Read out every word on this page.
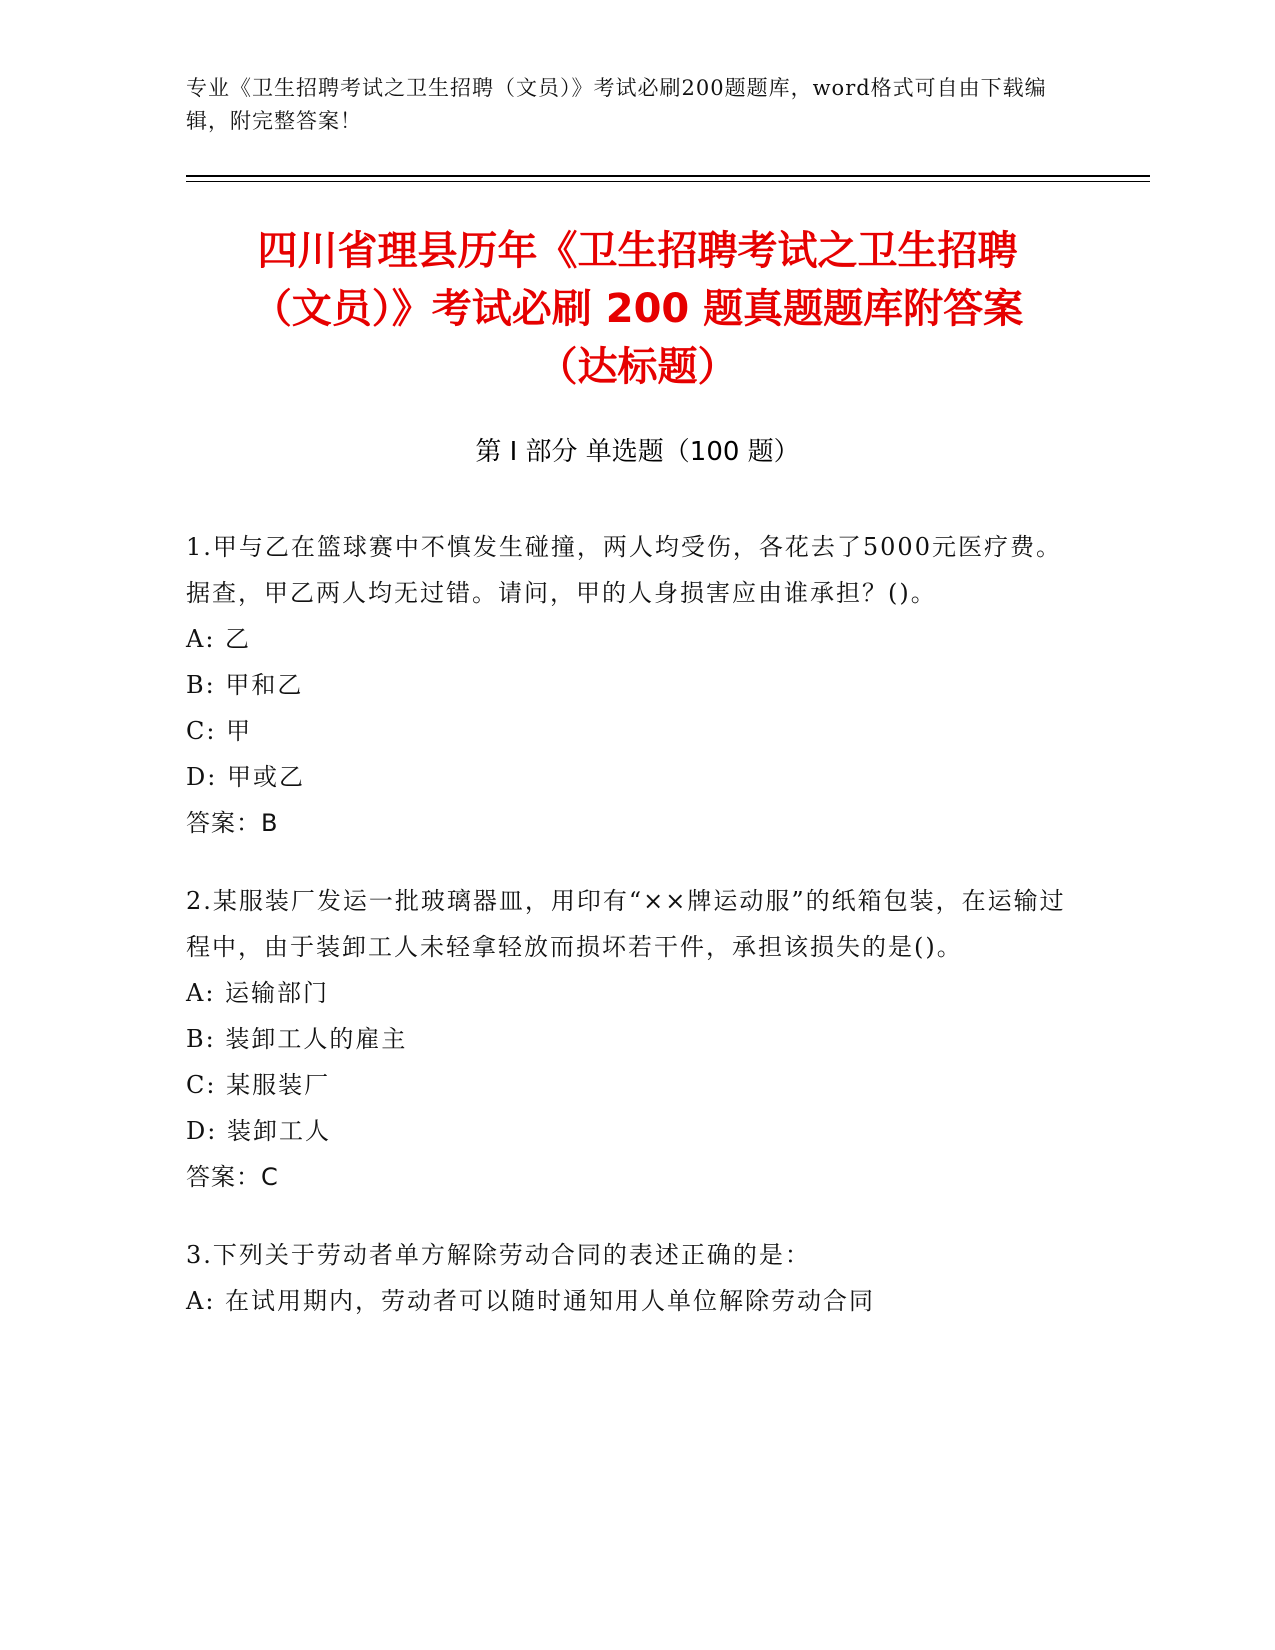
专业《卫生招聘考试之卫生招聘（文员）》考试必刷200题题库，word格式可自由下载编辑，附完整答案！
四川省理县历年《卫生招聘考试之卫生招聘
（文员）》考试必刷 200 题真题题库附答案
（达标题）
第 I 部分 单选题（100 题）
1.甲与乙在篮球赛中不慎发生碰撞，两人均受伤，各花去了5000元医疗费。据查，甲乙两人均无过错。请问，甲的人身损害应由谁承担？()。
A: 乙
B: 甲和乙
C: 甲
D: 甲或乙
答案：B
2.某服装厂发运一批玻璃器皿，用印有“××牌运动服”的纸箱包装，在运输过程中，由于装卸工人未轻拿轻放而损坏若干件，承担该损失的是()。
A: 运输部门
B: 装卸工人的雇主
C: 某服装厂
D: 装卸工人
答案：C
3.下列关于劳动者单方解除劳动合同的表述正确的是：
A: 在试用期内，劳动者可以随时通知用人单位解除劳动合同
